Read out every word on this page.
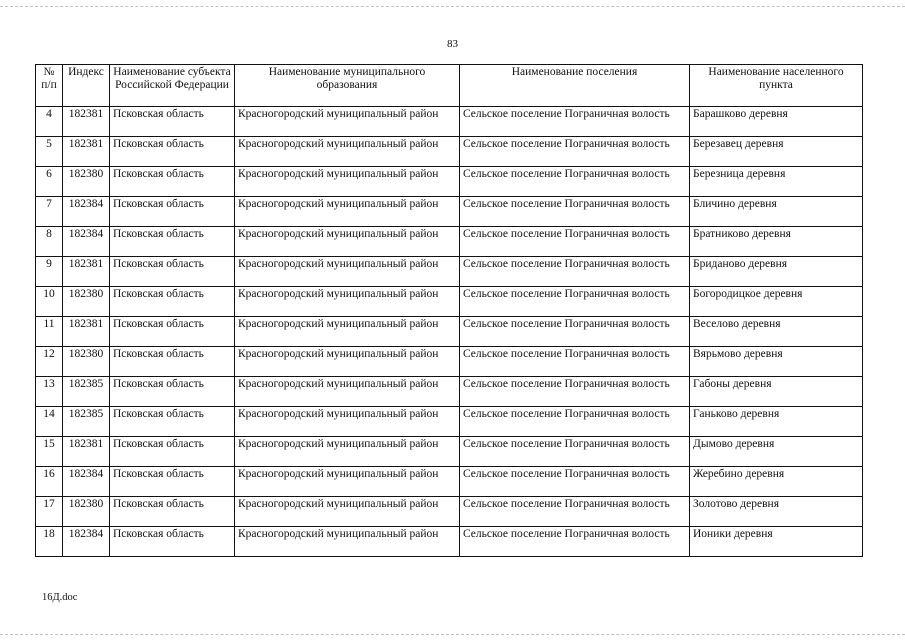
83
№ п/п	Индекс	Наименование субъекта Российской Федерации	Наименование муниципального образования	Наименование поселения	Наименование населенного пункта
4	182381	Псковская область	Красногородский муниципальный район	Сельское поселение Пограничная волость	Барашково деревня
5	182381	Псковская область	Красногородский муниципальный район	Сельское поселение Пограничная волость	Березавец деревня
6	182380	Псковская область	Красногородский муниципальный район	Сельское поселение Пограничная волость	Березница деревня
7	182384	Псковская область	Красногородский муниципальный район	Сельское поселение Пограничная волость	Бличино деревня
8	182384	Псковская область	Красногородский муниципальный район	Сельское поселение Пограничная волость	Братниково деревня
9	182381	Псковская область	Красногородский муниципальный район	Сельское поселение Пограничная волость	Бриданово деревня
10	182380	Псковская область	Красногородский муниципальный район	Сельское поселение Пограничная волость	Богородицкое деревня
11	182381	Псковская область	Красногородский муниципальный район	Сельское поселение Пограничная волость	Веселово деревня
12	182380	Псковская область	Красногородский муниципальный район	Сельское поселение Пограничная волость	Вярьмово деревня
13	182385	Псковская область	Красногородский муниципальный район	Сельское поселение Пограничная волость	Габоны деревня
14	182385	Псковская область	Красногородский муниципальный район	Сельское поселение Пограничная волость	Ганьково деревня
15	182381	Псковская область	Красногородский муниципальный район	Сельское поселение Пограничная волость	Дымово деревня
16	182384	Псковская область	Красногородский муниципальный район	Сельское поселение Пограничная волость	Жеребино деревня
17	182380	Псковская область	Красногородский муниципальный район	Сельское поселение Пограничная волость	Золотово деревня
18	182384	Псковская область	Красногородский муниципальный район	Сельское поселение Пограничная волость	Ионики деревня
16Д.doc
